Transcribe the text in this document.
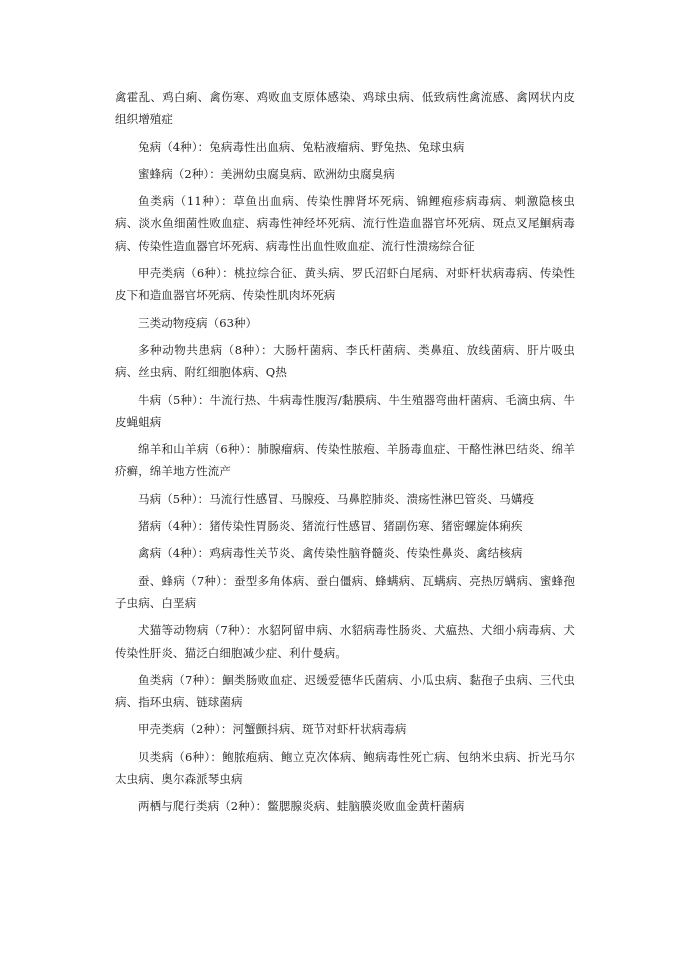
禽霍乱、鸡白痢、禽伤寒、鸡败血支原体感染、鸡球虫病、低致病性禽流感、禽网状内皮组织增殖症

兔病（4种）：兔病毒性出血病、兔粘液瘤病、野兔热、兔球虫病

蜜蜂病（2种）：美洲幼虫腐臭病、欧洲幼虫腐臭病

鱼类病（11种）：草鱼出血病、传染性脾肾坏死病、锦鲤疱疹病毒病、刺激隐核虫病、淡水鱼细菌性败血症、病毒性神经坏死病、流行性造血器官坏死病、斑点叉尾鮰病毒病、传染性造血器官坏死病、病毒性出血性败血症、流行性溃疡综合征

甲壳类病（6种）：桃拉综合征、黄头病、罗氏沼虾白尾病、对虾杆状病毒病、传染性皮下和造血器官坏死病、传染性肌肉坏死病

三类动物疫病（63种）

多种动物共患病（8种）：大肠杆菌病、李氏杆菌病、类鼻疽、放线菌病、肝片吸虫病、丝虫病、附红细胞体病、Q热

牛病（5种）：牛流行热、牛病毒性腹泻/黏膜病、牛生殖器弯曲杆菌病、毛滴虫病、牛皮蝇蛆病

绵羊和山羊病（6种）：肺腺瘤病、传染性脓疱、羊肠毒血症、干酪性淋巴结炎、绵羊疥癣，绵羊地方性流产

马病（5种）：马流行性感冒、马腺疫、马鼻腔肺炎、溃疡性淋巴管炎、马媾疫

猪病（4种）：猪传染性胃肠炎、猪流行性感冒、猪副伤寒、猪密螺旋体痢疾

禽病（4种）：鸡病毒性关节炎、禽传染性脑脊髓炎、传染性鼻炎、禽结核病

蚕、蜂病（7种）：蚕型多角体病、蚕白僵病、蜂螨病、瓦螨病、亮热厉螨病、蜜蜂孢子虫病、白垩病

犬猫等动物病（7种）：水貂阿留申病、水貂病毒性肠炎、犬瘟热、犬细小病毒病、犬传染性肝炎、猫泛白细胞减少症、利什曼病。

鱼类病（7种）：鮰类肠败血症、迟缓爱德华氏菌病、小瓜虫病、黏孢子虫病、三代虫病、指环虫病、链球菌病

甲壳类病（2种）：河蟹颤抖病、斑节对虾杆状病毒病

贝类病（6种）：鲍脓疱病、鲍立克次体病、鲍病毒性死亡病、包纳米虫病、折光马尔太虫病、奥尔森派琴虫病

两栖与爬行类病（2种）：鳖腮腺炎病、蛙脑膜炎败血金黄杆菌病
